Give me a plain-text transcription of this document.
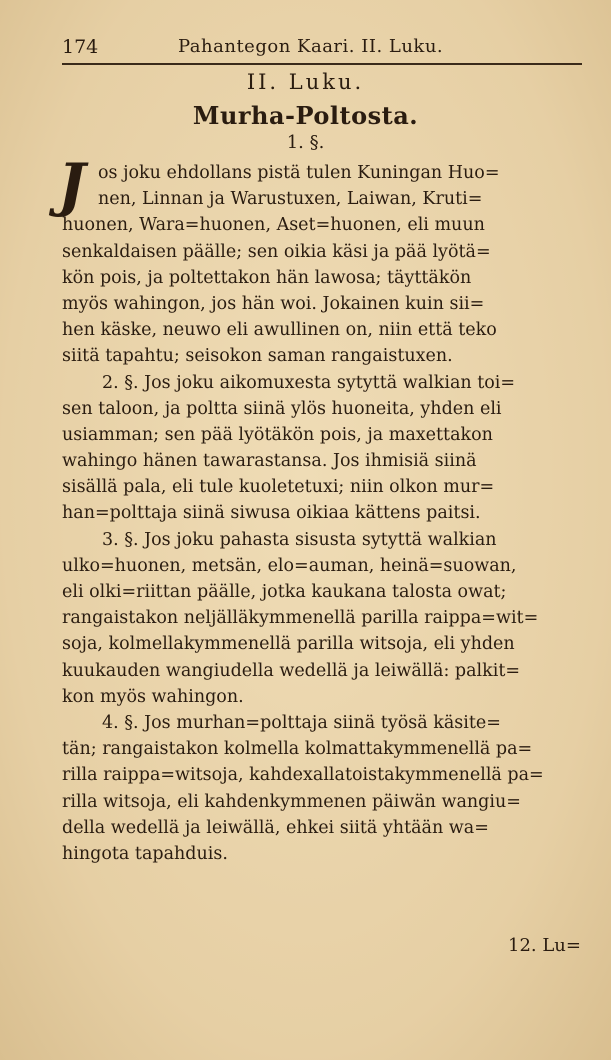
174	Pahantegon Kaari. II. Luku.
II. Luku.
Murha-Poltosta.
1. §.
J os joku ehdollans pistä tulen Kuningan Huo=
nen, Linnan ja Warustuxen, Laiwan, Kruti=
huonen, Wara=huonen, Aset=huonen, eli muun
senkaldaisen päälle; sen oikia käsi ja pää lyötä=
kön pois, ja poltettakon hän lawosa; täyttäkön
myös wahingon, jos hän woi. Jokainen kuin sii=
hen käske, neuwo eli awullinen on, niin että teko
siitä tapahtu; seisokon saman rangaistuxen.
2. §. Jos joku aikomuxesta sytyttä walkian toi=
sen taloon, ja poltta siinä ylös huoneita, yhden eli
usiamman; sen pää lyötäkön pois, ja maxettakon
wahingo hänen tawarastansa. Jos ihmisiä siinä
sisällä pala, eli tule kuoletetuxi; niin olkon mur=
han=polttaja siinä siwusa oikiaa kättens paitsi.
3. §. Jos joku pahasta sisusta sytyttä walkian
ulko=huonen, metsän, elo=auman, heinä=suowan,
eli olki=riittan päälle, jotka kaukana talosta owat;
rangaistakon neljälläkymmenellä parilla raippa=wit=
soja, kolmellakymmenellä parilla witsoja, eli yhden
kuukauden wangiudella wedellä ja leiwällä: palkit=
kon myös wahingon.
4. §. Jos murhan=polttaja siinä työsä käsite=
tän; rangaistakon kolmella kolmattakymmenellä pa=
rilla raippa=witsoja, kahdexallatoistakymmenellä pa=
rilla witsoja, eli kahdenkymmenen päiwän wangiu=
della wedellä ja leiwällä, ehkei siitä yhtään wa=
hingota tapahduis.
12. Lu=
